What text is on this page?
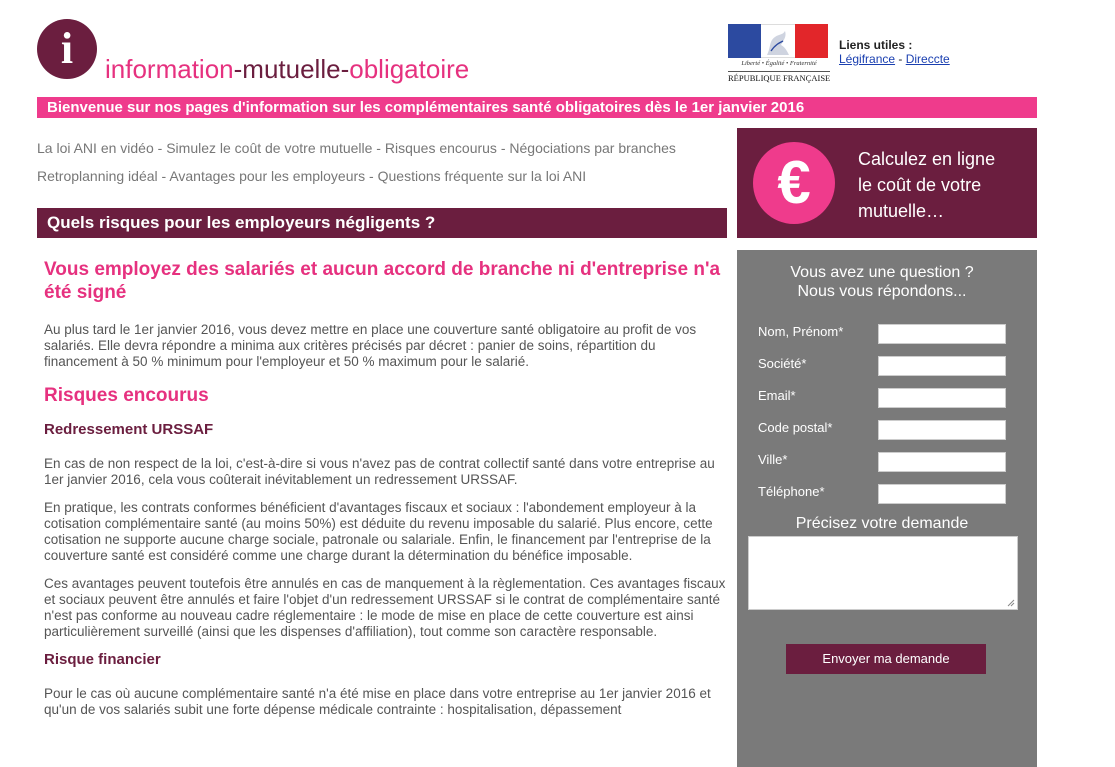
i	information-mutuelle-obligatoire	Liberté • Égalité • Fraternité
RÉPUBLIQUE FRANÇAISE
Liens utiles :
Légifrance - Direccte
Bienvenue sur nos pages d'information sur les complémentaires santé obligatoires dès le 1er janvier 2016
La loi ANI en vidéo - Simulez le coût de votre mutuelle - Risques encourus - Négociations par branches
Retroplanning idéal - Avantages pour les employeurs - Questions fréquente sur la loi ANI
Quels risques pour les employeurs négligents ?
Vous employez des salariés et aucun accord de branche ni d'entreprise n'a été signé

Au plus tard le 1er janvier 2016, vous devez mettre en place une couverture santé obligatoire au profit de vos salariés. Elle devra répondre a minima aux critères précisés par décret : panier de soins, répartition du financement à 50 % minimum pour l'employeur et 50 % maximum pour le salarié.

Risques encourus
Redressement URSSAF

En cas de non respect de la loi, c'est-à-dire si vous n'avez pas de contrat collectif santé dans votre entreprise au 1er janvier 2016, cela vous coûterait inévitablement un redressement URSSAF.

En pratique, les contrats conformes bénéficient d'avantages fiscaux et sociaux : l'abondement employeur à la cotisation complémentaire santé (au moins 50%) est déduite du revenu imposable du salarié. Plus encore, cette cotisation ne supporte aucune charge sociale, patronale ou salariale. Enfin, le financement par l'entreprise de la couverture santé est considéré comme une charge durant la détermination du bénéfice imposable.

Ces avantages peuvent toutefois être annulés en cas de manquement à la règlementation. Ces avantages fiscaux et sociaux peuvent être annulés et faire l'objet d'un redressement URSSAF si le contrat de complémentaire santé n'est pas conforme au nouveau cadre réglementaire : le mode de mise en place de cette couverture est ainsi particulièrement surveillé (ainsi que les dispenses d'affiliation), tout comme son caractère responsable.

Risque financier

Pour le cas où aucune complémentaire santé n'a été mise en place dans votre entreprise au 1er janvier 2016 et qu'un de vos salariés subit une forte dépense médicale contrainte : hospitalisation, dépassement

€	Calculez en ligne
le coût de votre
mutuelle…
Vous avez une question ?
Nous vous répondons...
Nom, Prénom*
Société*
Email*
Code postal*
Ville*
Téléphone*
Précisez votre demande
Envoyer ma demande
